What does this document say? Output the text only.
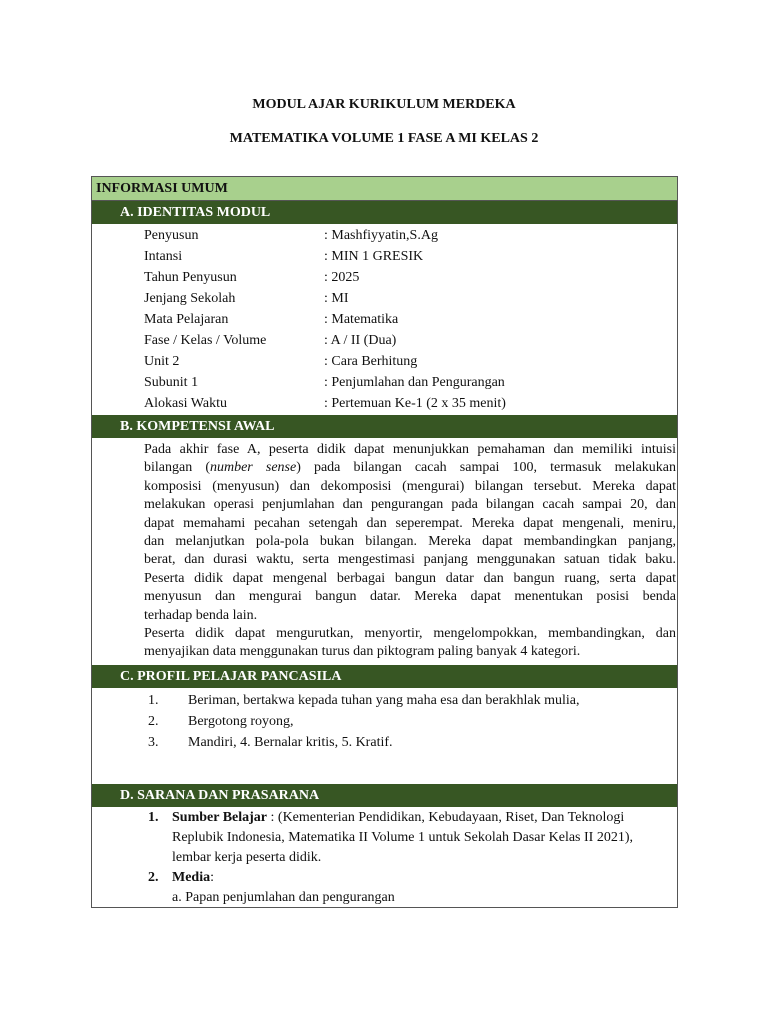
MODUL AJAR KURIKULUM MERDEKA
MATEMATIKA VOLUME 1 FASE A MI KELAS 2
INFORMASI UMUM
A. IDENTITAS MODUL
Penyusun	: Mashfiyyatin,S.Ag
Intansi	: MIN 1 GRESIK
Tahun Penyusun	: 2025
Jenjang Sekolah	: MI
Mata Pelajaran	: Matematika
Fase / Kelas / Volume	: A / II (Dua)
Unit 2	: Cara Berhitung
Subunit 1	: Penjumlahan dan Pengurangan
Alokasi Waktu	: Pertemuan Ke-1 (2 x 35 menit)
B. KOMPETENSI AWAL
Pada akhir fase A, peserta didik dapat menunjukkan pemahaman dan memiliki intuisi
bilangan (number sense) pada bilangan cacah sampai 100, termasuk melakukan
komposisi (menyusun) dan dekomposisi (mengurai) bilangan tersebut. Mereka dapat
melakukan operasi penjumlahan dan pengurangan pada bilangan cacah sampai 20, dan
dapat memahami pecahan setengah dan seperempat. Mereka dapat mengenali, meniru,
dan melanjutkan pola-pola bukan bilangan. Mereka dapat membandingkan panjang,
berat, dan durasi waktu, serta mengestimasi panjang menggunakan satuan tidak baku.
Peserta didik dapat mengenal berbagai bangun datar dan bangun ruang, serta dapat
menyusun dan mengurai bangun datar. Mereka dapat menentukan posisi benda
terhadap benda lain.
Peserta didik dapat mengurutkan, menyortir, mengelompokkan, membandingkan, dan
menyajikan data menggunakan turus dan piktogram paling banyak 4 kategori.
C. PROFIL PELAJAR PANCASILA
1. Beriman, bertakwa kepada tuhan yang maha esa dan berakhlak mulia,
2. Bergotong royong,
3. Mandiri, 4. Bernalar kritis, 5. Kratif.
D. SARANA DAN PRASARANA
1. Sumber Belajar : (Kementerian Pendidikan, Kebudayaan, Riset, Dan Teknologi
Replubik Indonesia, Matematika II Volume 1 untuk Sekolah Dasar Kelas II 2021),
lembar kerja peserta didik.
2. Media:
a. Papan penjumlahan dan pengurangan
